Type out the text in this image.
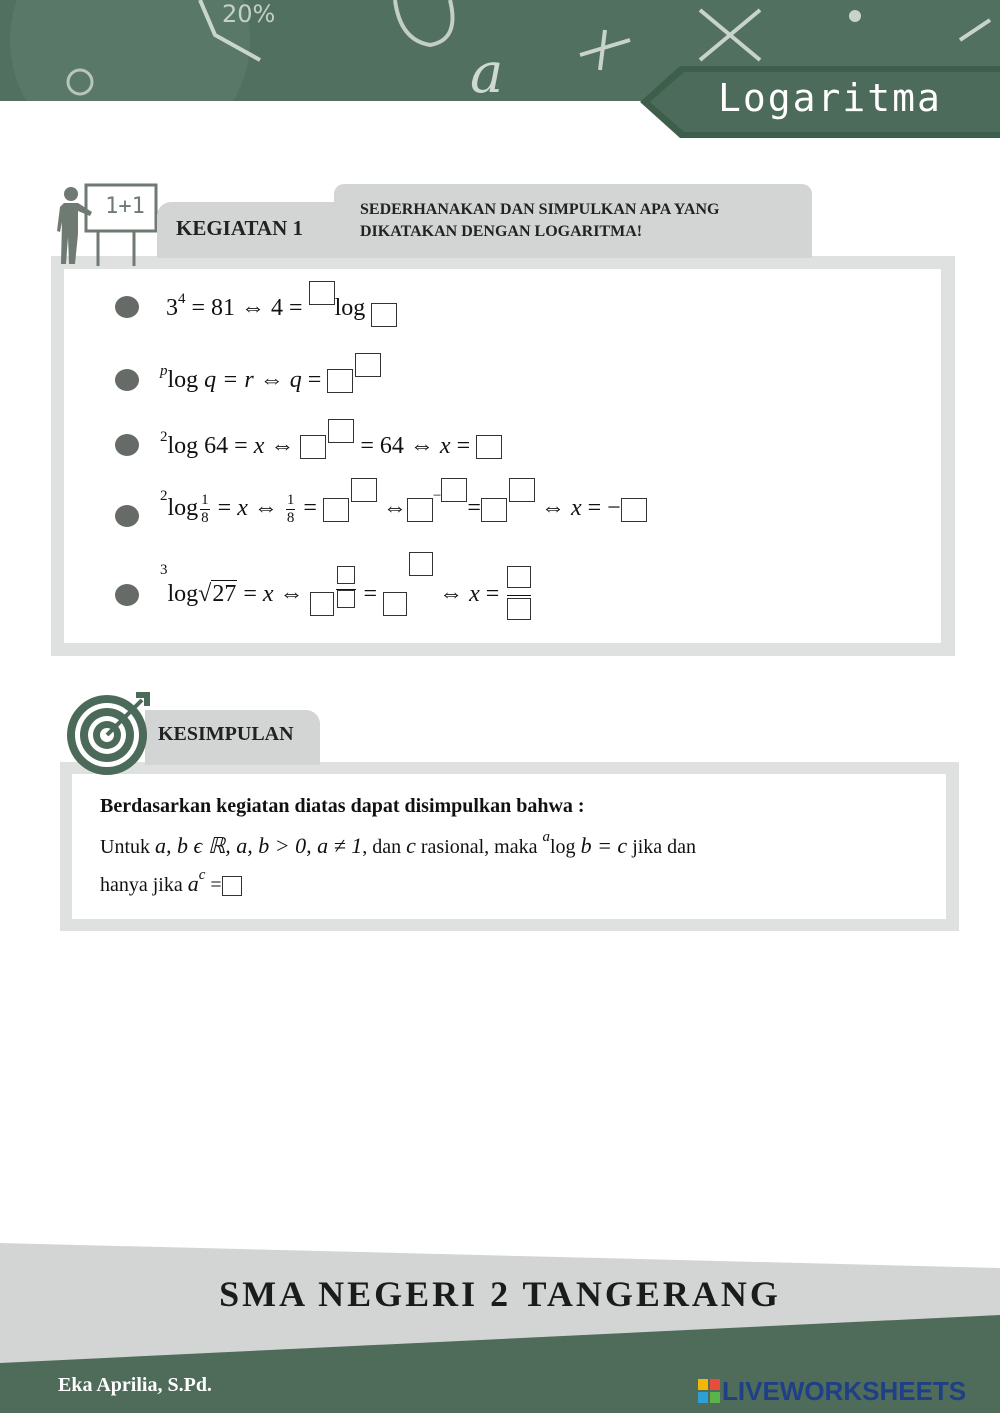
20%
a	Logaritma
1+1	SEDERHANAKAN DAN SIMPULKAN APA YANG DIKATAKAN DENGAN LOGARITMA!
KEGIATAN 1
$3^4 = 81$ ⇔ 4 = log
$^p$log q = r ⇔ q =
$^2$log 64 = x ⇔	= 64 ⇔ x =
$^2\log \frac{1}{8} = x$ ⇔ $\frac{1}{8}$ =	⇔ − = ⇔ x = −
$^3$log√27 = x ⇔
=  ⇔ x =
KESIMPULAN
Berdasarkan kegiatan diatas dapat disimpulkan bahwa :
Untuk a, b ϵ ℝ, a, b > 0, a ≠ 1, dan c rasional, maka $^a$log b = c jika dan
hanya jika $a^c$ =
SMA NEGERI 2 TANGERANG
Eka Aprilia, S.Pd.	LIVEWORKSHEETS
